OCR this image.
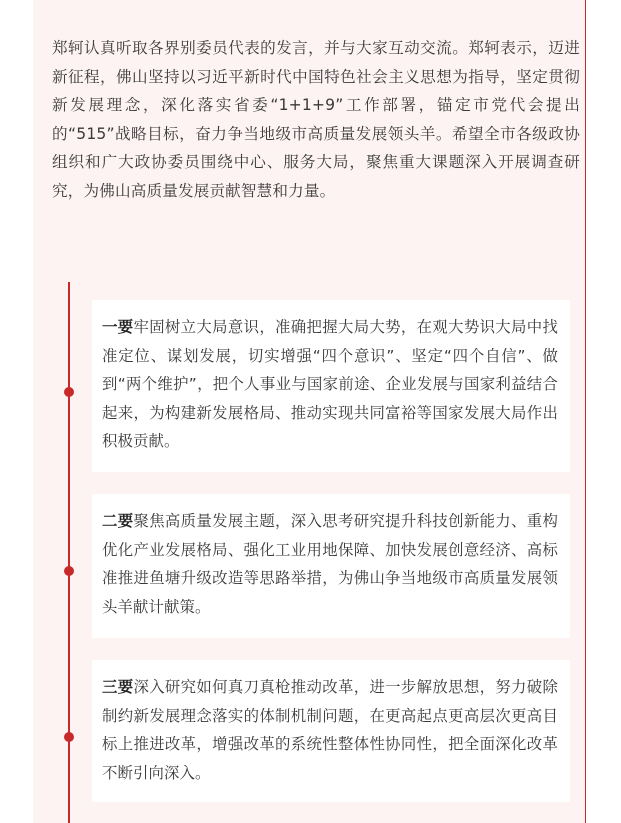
郑轲认真听取各界别委员代表的发言，并与大家互动交流。郑轲表示，迈进新征程，佛山坚持以习近平新时代中国特色社会主义思想为指导，坚定贯彻新发展理念，深化落实省委“1+1+9”工作部署，锚定市党代会提出的“515”战略目标，奋力争当地级市高质量发展领头羊。希望全市各级政协组织和广大政协委员围绕中心、服务大局，聚焦重大课题深入开展调查研究，为佛山高质量发展贡献智慧和力量。

一要牢固树立大局意识，准确把握大局大势，在观大势识大局中找准定位、谋划发展，切实增强“四个意识”、坚定“四个自信”、做到“两个维护”，把个人事业与国家前途、企业发展与国家利益结合起来，为构建新发展格局、推动实现共同富裕等国家发展大局作出积极贡献。

二要聚焦高质量发展主题，深入思考研究提升科技创新能力、重构优化产业发展格局、强化工业用地保障、加快发展创意经济、高标准推进鱼塘升级改造等思路举措，为佛山争当地级市高质量发展领头羊献计献策。

三要深入研究如何真刀真枪推动改革，进一步解放思想，努力破除制约新发展理念落实的体制机制问题，在更高起点更高层次更高目标上推进改革，增强改革的系统性整体性协同性，把全面深化改革不断引向深入。
